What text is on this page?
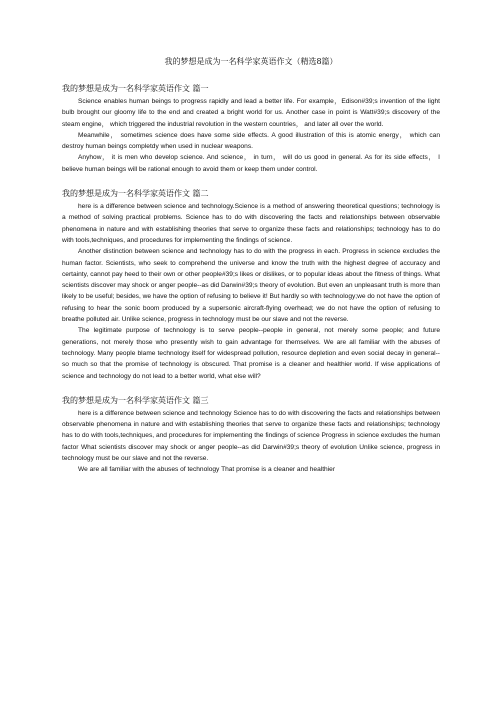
我的梦想是成为一名科学家英语作文（精选8篇）
我的梦想是成为一名科学家英语作文 篇一

Science enables human beings to progress rapidly and lead a better life. For example，Edison#39;s invention of the light bulb brought our gloomy life to the end and created a bright world for us. Another case in point is Watt#39;s discovery of the steam engine， which triggered the industrial revolution in the western countries， and later all over the world.

Meanwhile， sometimes science does have some side effects. A good illustration of this is atomic energy， which can destroy human beings completdy when used in nuclear weapons.

Anyhow， it is men who develop science. And science， in turn， will do us good in general. As for its side effects， I believe human beings will be rational enough to avoid them or keep them under control.

我的梦想是成为一名科学家英语作文 篇二

here is a difference between science and technology.Science is a method of answering theoretical questions; technology is a method of solving practical problems. Science has to do with discovering the facts and relationships between observable phenomena in nature and with establishing theories that serve to organize these facts and relationships; technology has to do with tools,techniques, and procedures for implementing the findings of science.

Another distinction between science and technology has to do with the progress in each. Progress in science excludes the human factor. Scientists, who seek to comprehend the universe and know the truth with the highest degree of accuracy and certainty, cannot pay heed to their own or other people#39;s likes or dislikes, or to popular ideas about the fitness of things. What scientists discover may shock or anger people--as did Darwin#39;s theory of evolution. But even an unpleasant truth is more than likely to be useful; besides, we have the option of refusing to believe it! But hardly so with technology;we do not have the option of refusing to hear the sonic boom produced by a supersonic aircraft-flying overhead; we do not have the option of refusing to breathe polluted air. Unlike science, progress in technology must be our slave and not the reverse.

The legitimate purpose of technology is to serve people--people in general, not merely some people; and future generations, not merely those who presently wish to gain advantage for themselves. We are all familiar with the abuses of technology. Many people blame technology itself for widespread pollution, resource depletion and even social decay in general--so much so that the promise of technology is obscured. That promise is a cleaner and healthier world. If wise applications of science and technology do not lead to a better world, what else will?

我的梦想是成为一名科学家英语作文 篇三

here is a difference between science and technology Science has to do with discovering the facts and relationships between observable phenomena in nature and with establishing theories that serve to organize these facts and relationships; technology has to do with tools,techniques, and procedures for implementing the findings of science Progress in science excludes the human factor What scientists discover may shock or anger people--as did Darwin#39;s theory of evolution Unlike science, progress in technology must be our slave and not the reverse.

We are all familiar with the abuses of technology That promise is a cleaner and healthier
